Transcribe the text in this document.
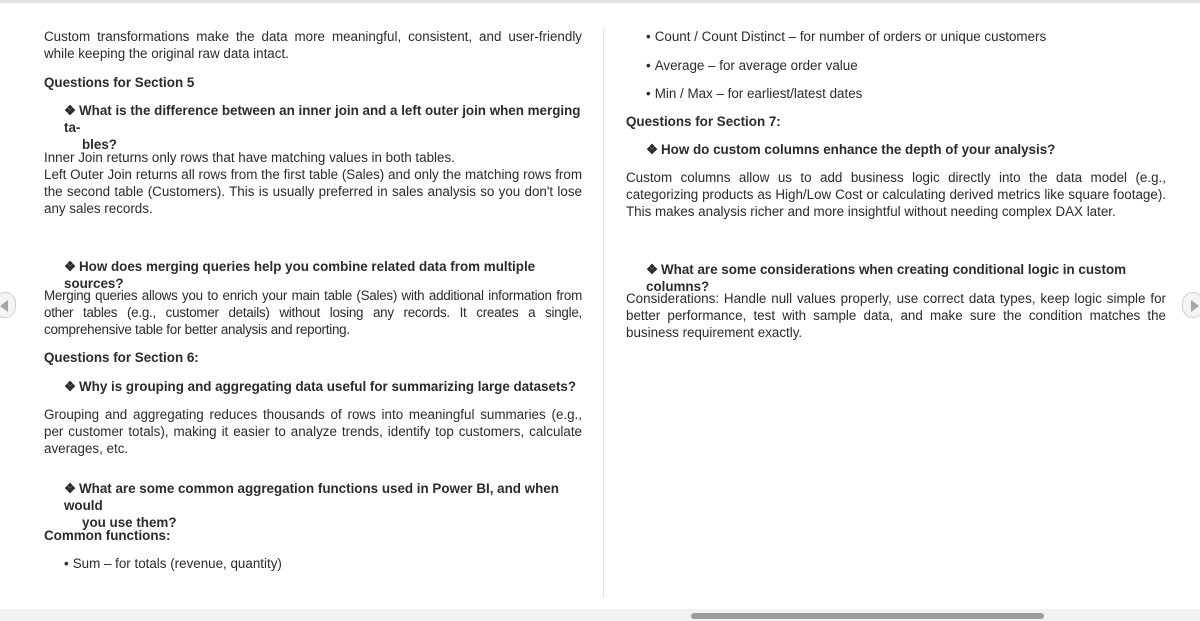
Custom transformations make the data more meaningful, consistent, and user-friendly while keeping the original raw data intact.

Questions for Section 5

❖ What is the difference between an inner join and a left outer join when merging ta-
bles?

Inner Join returns only rows that have matching values in both tables.

Left Outer Join returns all rows from the first table (Sales) and only the matching rows from the second table (Customers). This is usually preferred in sales analysis so you don't lose any sales records.

❖ How does merging queries help you combine related data from multiple sources?

Merging queries allows you to enrich your main table (Sales) with additional information from other tables (e.g., customer details) without losing any records. It creates a single, comprehensive table for better analysis and reporting.

Questions for Section 6:

❖ Why is grouping and aggregating data useful for summarizing large datasets?

Grouping and aggregating reduces thousands of rows into meaningful summaries (e.g., per customer totals), making it easier to analyze trends, identify top customers, calculate averages, etc.

❖ What are some common aggregation functions used in Power BI, and when would
you use them?

Common functions:

• Sum – for totals (revenue, quantity)
• Count / Count Distinct – for number of orders or unique customers
• Average – for average order value
• Min / Max – for earliest/latest dates

Questions for Section 7:

❖ How do custom columns enhance the depth of your analysis?

Custom columns allow us to add business logic directly into the data model (e.g., categorizing products as High/Low Cost or calculating derived metrics like square footage). This makes analysis richer and more insightful without needing complex DAX later.

❖ What are some considerations when creating conditional logic in custom columns?

Considerations: Handle null values properly, use correct data types, keep logic simple for better performance, test with sample data, and make sure the condition matches the business requirement exactly.
